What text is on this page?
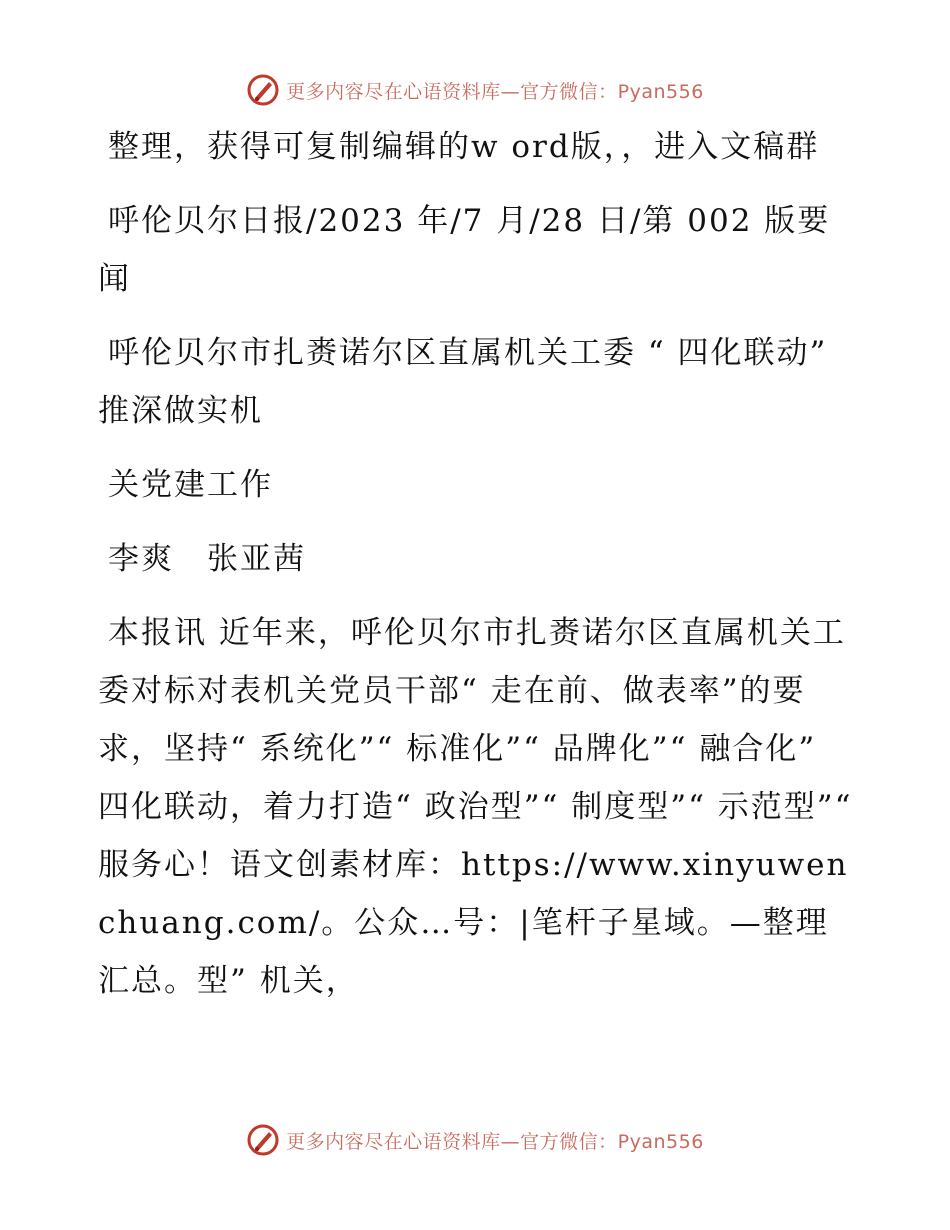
更多内容尽在心语资料库—官方微信：Pyan556

整理，获得可复制编辑的w ord版，，进入文稿群

呼伦贝尔日报/2023 年/7 月/28 日/第 002 版要闻

呼伦贝尔市扎赉诺尔区直属机关工委 “ 四化联动” 推深做实机

关党建工作

李爽　张亚茜

本报讯 近年来，呼伦贝尔市扎赉诺尔区直属机关工委对标对表机关党员干部“ 走在前、做表率”的要求，坚持“ 系统化”“ 标准化”“ 品牌化”“ 融合化” 四化联动，着力打造“ 政治型”“ 制度型”“ 示范型”“ 服务心！语文创素材库：https://www.xinyuwenchuang.com/。公众…号：|笔杆子星域。—整理汇总。型” 机关，

更多内容尽在心语资料库—官方微信：Pyan556
